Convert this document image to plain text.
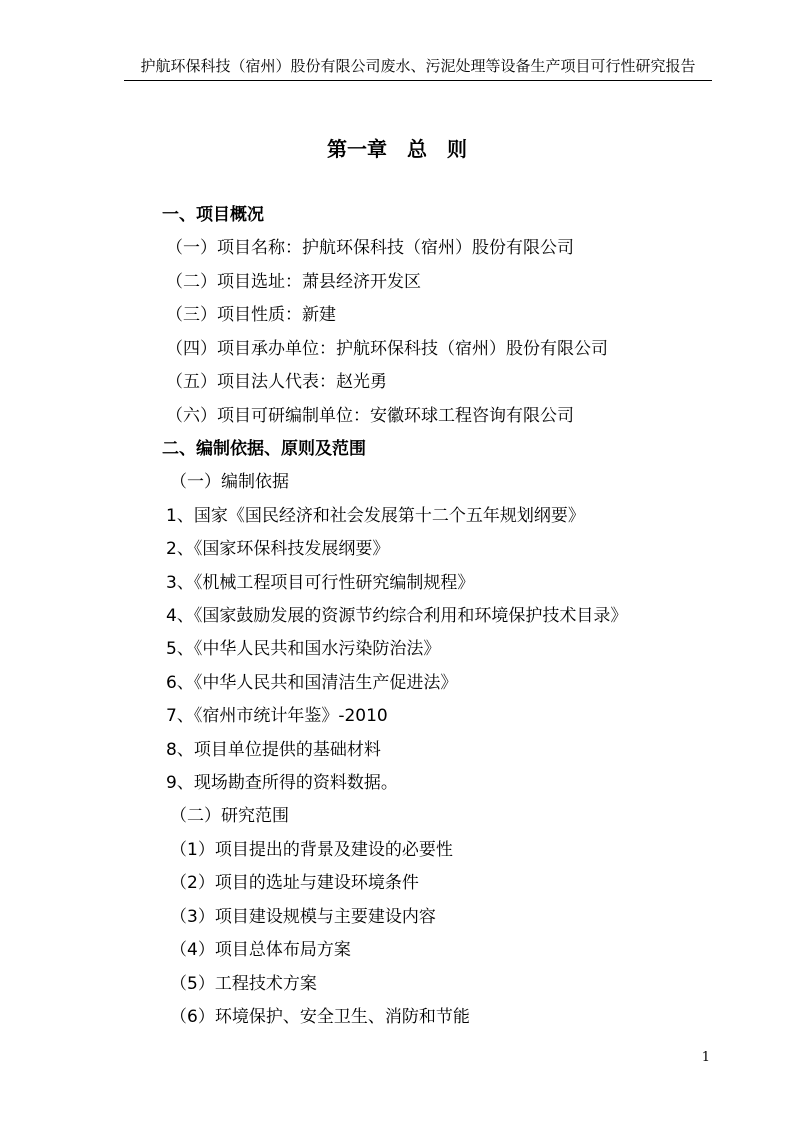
护航环保科技（宿州）股份有限公司废水、污泥处理等设备生产项目可行性研究报告
第一章　总　则
一、项目概况
（一）项目名称：护航环保科技（宿州）股份有限公司
（二）项目选址：萧县经济开发区
（三）项目性质：新建
（四）项目承办单位：护航环保科技（宿州）股份有限公司
（五）项目法人代表：赵光勇
（六）项目可研编制单位：安徽环球工程咨询有限公司
二、编制依据、原则及范围
（一）编制依据
1、国家《国民经济和社会发展第十二个五年规划纲要》
2、《国家环保科技发展纲要》
3、《机械工程项目可行性研究编制规程》
4、《国家鼓励发展的资源节约综合利用和环境保护技术目录》
5、《中华人民共和国水污染防治法》
6、《中华人民共和国清洁生产促进法》
7、《宿州市统计年鉴》-2010
8、项目单位提供的基础材料
9、现场勘查所得的资料数据。
（二）研究范围
（1）项目提出的背景及建设的必要性
（2）项目的选址与建设环境条件
（3）项目建设规模与主要建设内容
（4）项目总体布局方案
（5）工程技术方案
（6）环境保护、安全卫生、消防和节能
1
